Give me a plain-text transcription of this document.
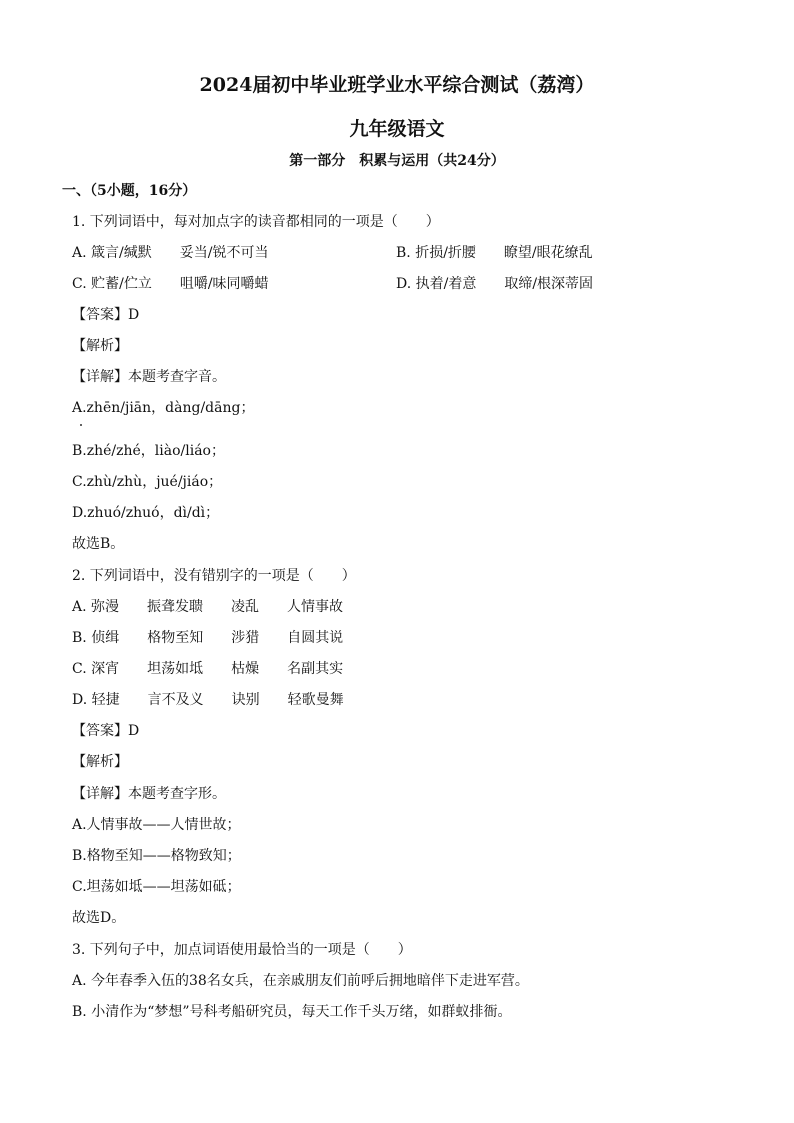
2024届初中毕业班学业水平综合测试（荔湾）
九年级语文
第一部分　积累与运用（共24分）
一、（5小题，16分）
1. 下列词语中，每对加点字的读音都相同的一项是（　　）
A. 箴言/缄默　　妥当/锐不可当	B. 折损/折腰　　瞭望/眼花缭乱
C. 贮蓄/伫立　　咀嚼/味同嚼蜡	D. 执着/着意　　取缔/根深蒂固
【答案】D
【解析】
【详解】本题考查字音。
A.zhēn/jiān，dàng/dāng；
B.zhé/zhé，liào/liáo；
C.zhù/zhù，jué/jiáo；
D.zhuó/zhuó，dì/dì；
故选B。
2. 下列词语中，没有错别字的一项是（　　）
A. 弥漫　　振聋发聩　　凌乱　　人情事故
B. 侦缉　　格物至知　　涉猎　　自圆其说
C. 深宵　　坦荡如坻　　枯燥　　名副其实
D. 轻捷　　言不及义　　诀别　　轻歌曼舞
【答案】D
【解析】
【详解】本题考查字形。
A.人情事故——人情世故；
B.格物至知——格物致知；
C.坦荡如坻——坦荡如砥；
故选D。
3. 下列句子中，加点词语使用最恰当的一项是（　　）
A. 今年春季入伍的38名女兵，在亲戚朋友们前呼后拥地暗伴下走进军营。
B. 小清作为“梦想”号科考船研究员，每天工作千头万绪，如群蚁排衙。
